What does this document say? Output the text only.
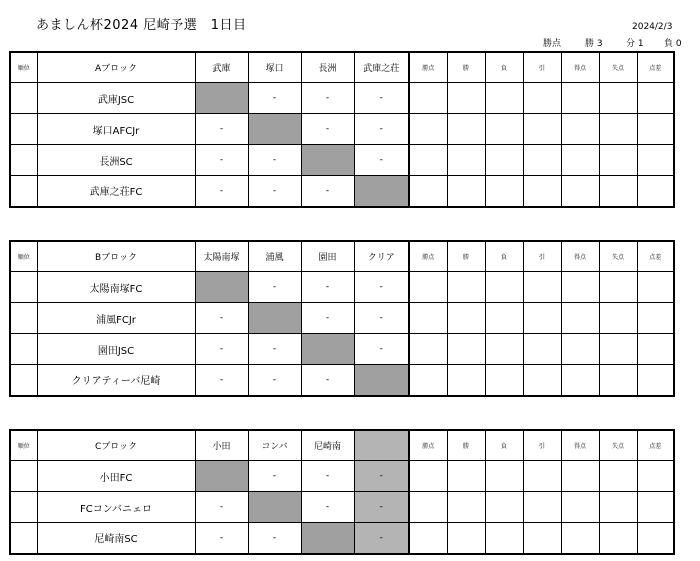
あましん杯2024 尼崎予選　1日目	2024/2/3
勝点	勝 3	分 1 負 0
順位	Aブロック	武庫	塚口	長洲	武庫之荘	勝点	勝	負	引	得点	失点	点差
	武庫JSC		-	-	-							
	塚口AFCJr	-		-	-							
	長洲SC	-	-		-							
	武庫之荘FC	-	-	-								
順位	Bブロック	太陽南塚	浦風	園田	クリア	勝点	勝	負	引	得点	失点	点差
	太陽南塚FC		-	-	-							
	浦風FCJr	-		-	-							
	園田JSC	-	-		-							
	クリアティーバ尼崎	-	-	-								
順位	Cブロック	小田	コンバ	尼崎南		勝点	勝	負	引	得点	失点	点差
	小田FC		-	-	-							
	FCコンバニェロ	-		-	-							
	尼崎南SC	-	-		-							
